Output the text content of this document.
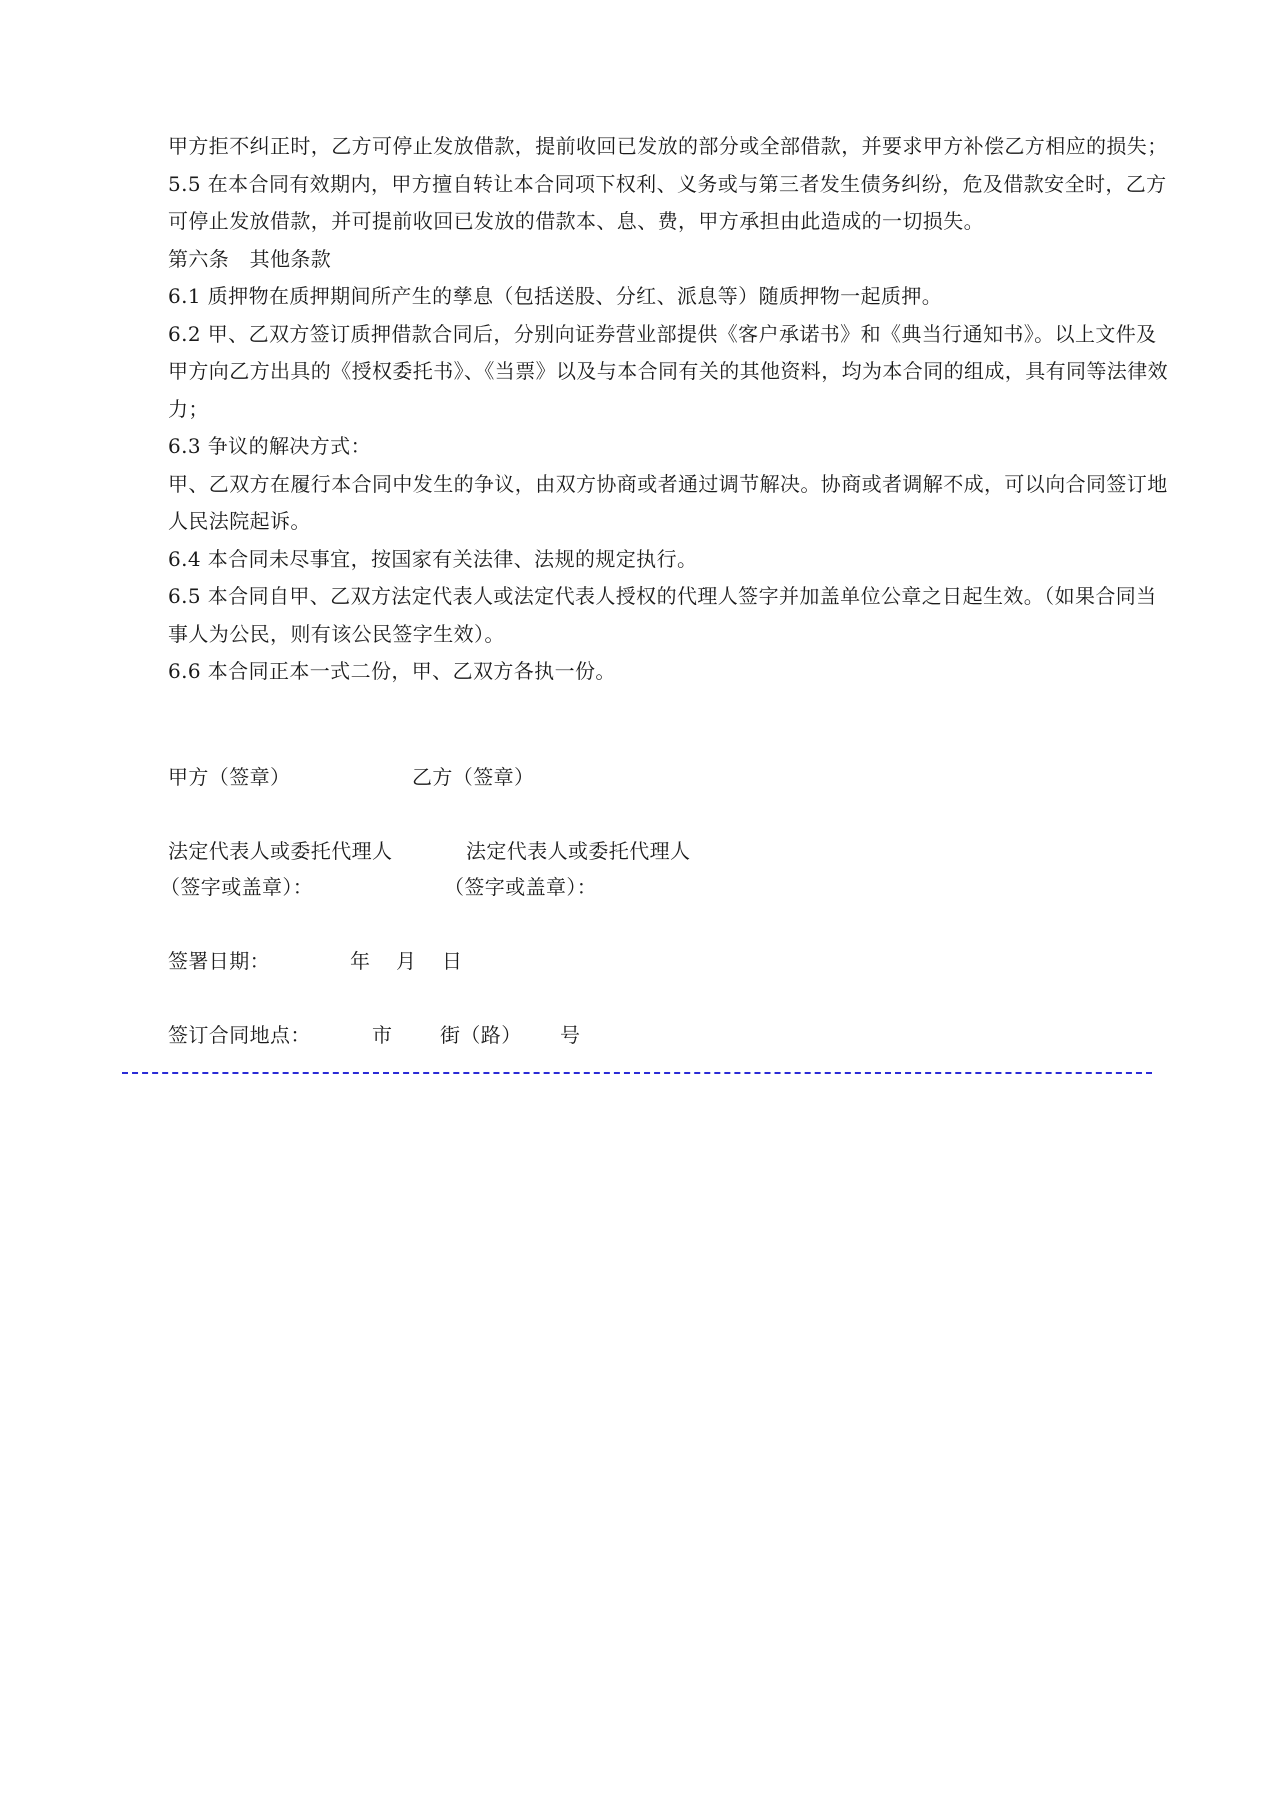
甲方拒不纠正时，乙方可停止发放借款，提前收回已发放的部分或全部借款，并要求甲方补偿乙方相应的损失；

5.5 在本合同有效期内，甲方擅自转让本合同项下权利、义务或与第三者发生债务纠纷，危及借款安全时，乙方可停止发放借款，并可提前收回已发放的借款本、息、费，甲方承担由此造成的一切损失。

第六条　其他条款

6.1 质押物在质押期间所产生的孳息（包括送股、分红、派息等）随质押物一起质押。

6.2 甲、乙双方签订质押借款合同后，分别向证券营业部提供《客户承诺书》和《典当行通知书》。以上文件及甲方向乙方出具的《授权委托书》、《当票》以及与本合同有关的其他资料，均为本合同的组成，具有同等法律效力；

6.3 争议的解决方式：

甲、乙双方在履行本合同中发生的争议，由双方协商或者通过调节解决。协商或者调解不成，可以向合同签订地人民法院起诉。

6.4 本合同未尽事宜，按国家有关法律、法规的规定执行。

6.5 本合同自甲、乙双方法定代表人或法定代表人授权的代理人签字并加盖单位公章之日起生效。（如果合同当事人为公民，则有该公民签字生效）。

6.6 本合同正本一式二份，甲、乙双方各执一份。

甲方（签章）	乙方（签章）
法定代表人或委托代理人	法定代表人或委托代理人
（签字或盖章）：	（签字或盖章）：
签署日期：	年 月 日
签订合同地点：	市 街（路） 号
